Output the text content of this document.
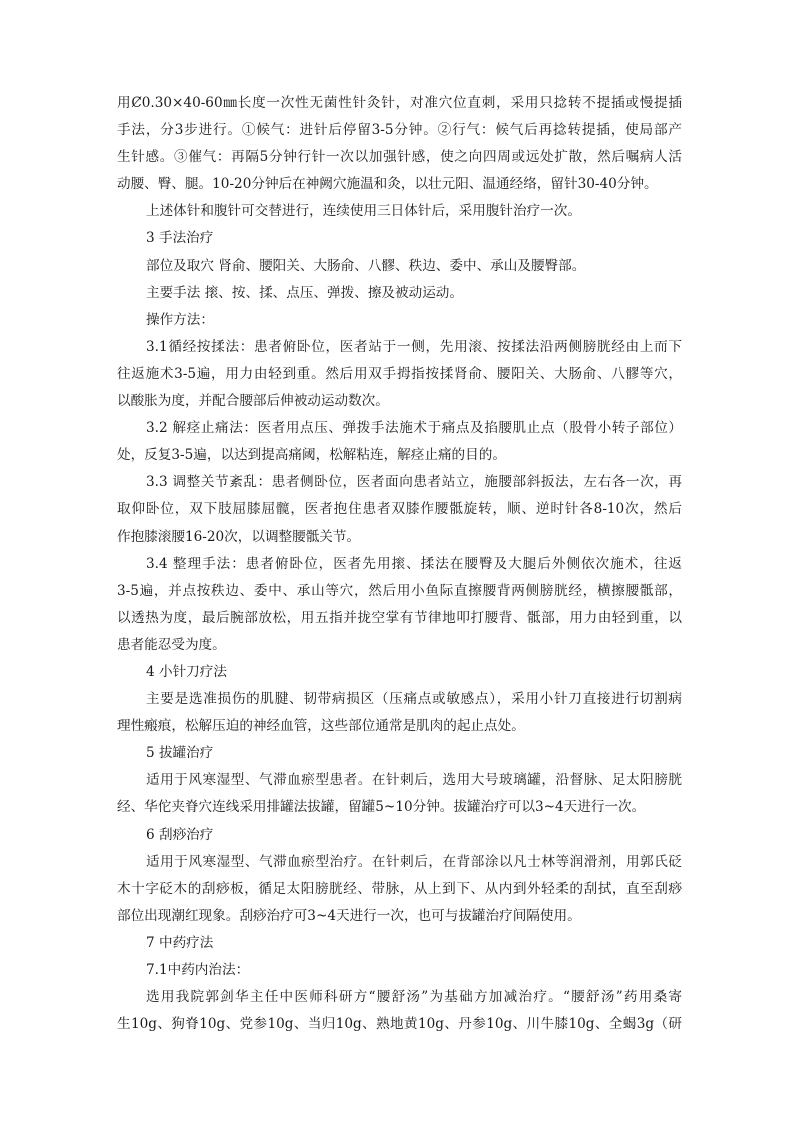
用Ȼ0.30×40-60㎜长度一次性无菌性针灸针，对准穴位直刺，采用只捻转不提插或慢提插
手法，分3步进行。①候气：进针后停留3-5分钟。②行气：候气后再捻转提插，使局部产
生针感。③催气：再隔5分钟行针一次以加强针感，使之向四周或远处扩散，然后嘱病人活
动腰、臀、腿。10-20分钟后在神阙穴施温和灸，以壮元阳、温通经络，留针30-40分钟。
上述体针和腹针可交替进行，连续使用三日体针后，采用腹针治疗一次。
3 手法治疗
部位及取穴 肾俞、腰阳关、大肠俞、八髎、秩边、委中、承山及腰臀部。
主要手法 㨰、按、揉、点压、弹拨、擦及被动运动。
操作方法：
3.1循经按揉法：患者俯卧位，医者站于一侧，先用滚、按揉法沿两侧膀胱经由上而下
往返施术3-5遍，用力由轻到重。然后用双手拇指按揉肾俞、腰阳关、大肠俞、八髎等穴，
以酸胀为度，并配合腰部后伸被动运动数次。
3.2 解痉止痛法：医者用点压、弹拨手法施术于痛点及掐腰肌止点（股骨小转子部位）
处，反复3-5遍，以达到提高痛阈，松解粘连，解痉止痛的目的。
3.3 调整关节紊乱：患者侧卧位，医者面向患者站立，施腰部斜扳法，左右各一次，再
取仰卧位，双下肢屈膝屈髋，医者抱住患者双膝作腰骶旋转，顺、逆时针各8-10次，然后
作抱膝滚腰16-20次，以调整腰骶关节。
3.4 整理手法：患者俯卧位，医者先用㨰、揉法在腰臀及大腿后外侧依次施术，往返
3-5遍，并点按秩边、委中、承山等穴，然后用小鱼际直擦腰背两侧膀胱经，横擦腰骶部，
以透热为度，最后腕部放松，用五指并拢空掌有节律地叩打腰背、骶部，用力由轻到重，以
患者能忍受为度。
4 小针刀疗法
主要是选准损伤的肌腱、韧带病损区（压痛点或敏感点），采用小针刀直接进行切割病
理性瘢痕，松解压迫的神经血管，这些部位通常是肌肉的起止点处。
5 拔罐治疗
适用于风寒湿型、气滞血瘀型患者。在针刺后，选用大号玻璃罐，沿督脉、足太阳膀胱
经、华佗夹脊穴连线采用排罐法拔罐，留罐5~10分钟。拔罐治疗可以3~4天进行一次。
6 刮痧治疗
适用于风寒湿型、气滞血瘀型治疗。在针刺后，在背部涂以凡士林等润滑剂，用郭氏砭
木十字砭木的刮痧板，循足太阳膀胱经、带脉，从上到下、从内到外轻柔的刮拭，直至刮痧
部位出现潮红现象。刮痧治疗可3~4天进行一次，也可与拔罐治疗间隔使用。
7 中药疗法
7.1中药内治法：
选用我院郭剑华主任中医师科研方“腰舒汤”为基础方加减治疗。“腰舒汤”药用桑寄
生10g、狗脊10g、党参10g、当归10g、熟地黄10g、丹参10g、川牛膝10g、全蝎3g（研
